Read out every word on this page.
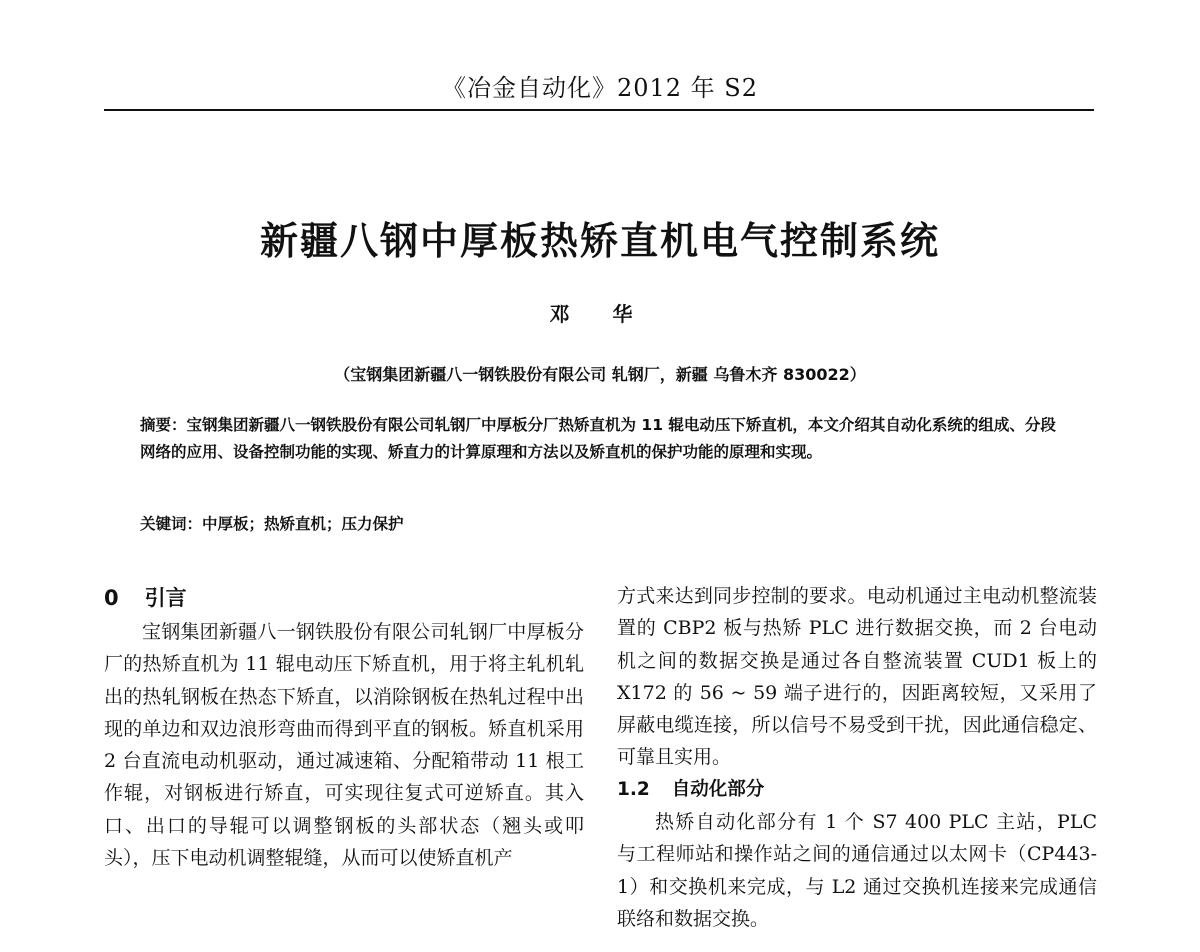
《冶金自动化》2012 年 S2
新疆八钢中厚板热矫直机电气控制系统
邓 华
（宝钢集团新疆八一钢铁股份有限公司 轧钢厂，新疆 乌鲁木齐 830022）
摘要：宝钢集团新疆八一钢铁股份有限公司轧钢厂中厚板分厂热矫直机为 11 辊电动压下矫直机，本文介绍其自动化系统的组成、分段网络的应用、设备控制功能的实现、矫直力的计算原理和方法以及矫直机的保护功能的原理和实现。
关键词：中厚板；热矫直机；压力保护
0 引言

宝钢集团新疆八一钢铁股份有限公司轧钢厂中厚板分厂的热矫直机为 11 辊电动压下矫直机，用于将主轧机轧出的热轧钢板在热态下矫直，以消除钢板在热轧过程中出现的单边和双边浪形弯曲而得到平直的钢板。矫直机采用 2 台直流电动机驱动，通过减速箱、分配箱带动 11 根工作辊，对钢板进行矫直，可实现往复式可逆矫直。其入口、出口的导辊可以调整钢板的头部状态（翘头或叩头），压下电动机调整辊缝，从而可以使矫直机产

方式来达到同步控制的要求。电动机通过主电动机整流装置的 CBP2 板与热矫 PLC 进行数据交换，而 2 台电动机之间的数据交换是通过各自整流装置 CUD1 板上的 X172 的 56 ~ 59 端子进行的，因距离较短，又采用了屏蔽电缆连接，所以信号不易受到干扰，因此通信稳定、可靠且实用。

1.2 自动化部分

热矫自动化部分有 1 个 S7 400 PLC 主站，PLC 与工程师站和操作站之间的通信通过以太网卡（CP443-1）和交换机来完成，与 L2 通过交换机连接来完成通信联络和数据交换。
